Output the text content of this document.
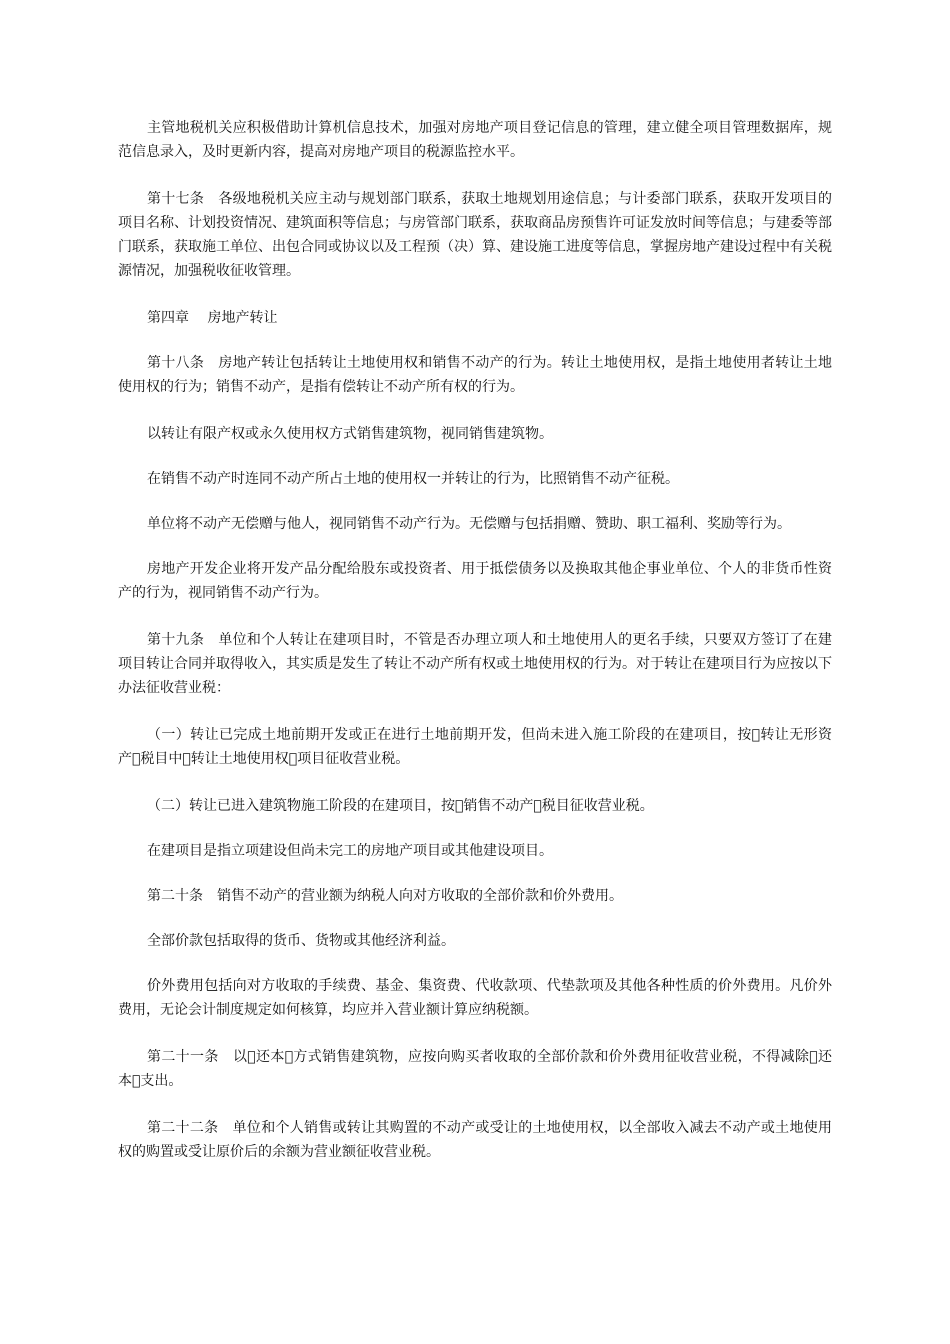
主管地税机关应积极借助计算机信息技术，加强对房地产项目登记信息的管理，建立健全项目管理数据库，规范信息录入，及时更新内容，提高对房地产项目的税源监控水平。

第十七条　各级地税机关应主动与规划部门联系，获取土地规划用途信息；与计委部门联系，获取开发项目的项目名称、计划投资情况、建筑面积等信息；与房管部门联系，获取商品房预售许可证发放时间等信息；与建委等部门联系，获取施工单位、出包合同或协议以及工程预（决）算、建设施工进度等信息，掌握房地产建设过程中有关税源情况，加强税收征收管理。

第四章　 房地产转让

第十八条　房地产转让包括转让土地使用权和销售不动产的行为。转让土地使用权，是指土地使用者转让土地使用权的行为；销售不动产，是指有偿转让不动产所有权的行为。

以转让有限产权或永久使用权方式销售建筑物，视同销售建筑物。

在销售不动产时连同不动产所占土地的使用权一并转让的行为，比照销售不动产征税。

单位将不动产无偿赠与他人，视同销售不动产行为。无偿赠与包括捐赠、赞助、职工福利、奖励等行为。

房地产开发企业将开发产品分配给股东或投资者、用于抵偿债务以及换取其他企事业单位、个人的非货币性资产的行为，视同销售不动产行为。

第十九条　单位和个人转让在建项目时，不管是否办理立项人和土地使用人的更名手续，只要双方签订了在建项目转让合同并取得收入，其实质是发生了转让不动产所有权或土地使用权的行为。对于转让在建项目行为应按以下办法征收营业税：

（一）转让已完成土地前期开发或正在进行土地前期开发，但尚未进入施工阶段的在建项目，按 转让无形资产 税目中 转让土地使用权 项目征收营业税。

（二）转让已进入建筑物施工阶段的在建项目，按 销售不动产 税目征收营业税。

在建项目是指立项建设但尚未完工的房地产项目或其他建设项目。

第二十条　销售不动产的营业额为纳税人向对方收取的全部价款和价外费用。

全部价款包括取得的货币、货物或其他经济利益。

价外费用包括向对方收取的手续费、基金、集资费、代收款项、代垫款项及其他各种性质的价外费用。凡价外费用，无论会计制度规定如何核算，均应并入营业额计算应纳税额。

第二十一条　以 还本 方式销售建筑物，应按向购买者收取的全部价款和价外费用征收营业税，不得减除 还本 支出。

第二十二条　单位和个人销售或转让其购置的不动产或受让的土地使用权，以全部收入减去不动产或土地使用权的购置或受让原价后的余额为营业额征收营业税。
